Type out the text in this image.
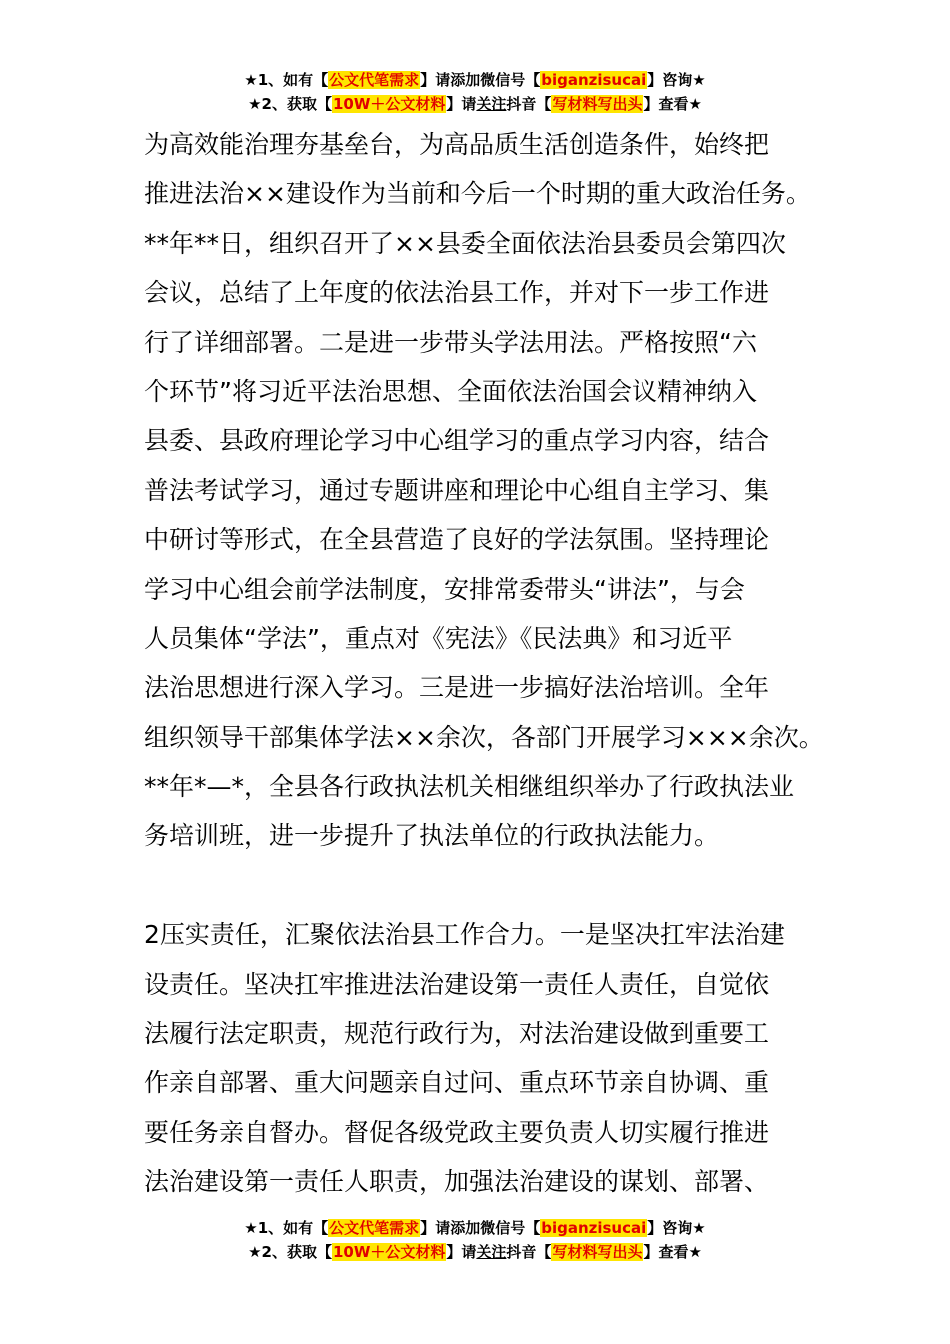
★1、如有【公文代笔需求】请添加微信号【biganzisucai】咨询★
★2、获取【10W＋公文材料】请关注抖音【写材料写出头】查看★
为高效能治理夯基垒台，为高品质生活创造条件，始终把
推进法治××建设作为当前和今后一个时期的重大政治任务。
**年**日，组织召开了××县委全面依法治县委员会第四次
会议，总结了上年度的依法治县工作，并对下一步工作进
行了详细部署。二是进一步带头学法用法。严格按照“六
个环节”将习近平法治思想、全面依法治国会议精神纳入
县委、县政府理论学习中心组学习的重点学习内容，结合
普法考试学习，通过专题讲座和理论中心组自主学习、集
中研讨等形式，在全县营造了良好的学法氛围。坚持理论
学习中心组会前学法制度，安排常委带头“讲法”，与会
人员集体“学法”，重点对《宪法》《民法典》和习近平
法治思想进行深入学习。三是进一步搞好法治培训。全年
组织领导干部集体学法××余次，各部门开展学习×××余次。
**年*—*，全县各行政执法机关相继组织举办了行政执法业
务培训班，进一步提升了执法单位的行政执法能力。
2压实责任，汇聚依法治县工作合力。一是坚决扛牢法治建
设责任。坚决扛牢推进法治建设第一责任人责任，自觉依
法履行法定职责，规范行政行为，对法治建设做到重要工
作亲自部署、重大问题亲自过问、重点环节亲自协调、重
要任务亲自督办。督促各级党政主要负责人切实履行推进
法治建设第一责任人职责，加强法治建设的谋划、部署、
★1、如有【公文代笔需求】请添加微信号【biganzisucai】咨询★
★2、获取【10W＋公文材料】请关注抖音【写材料写出头】查看★
